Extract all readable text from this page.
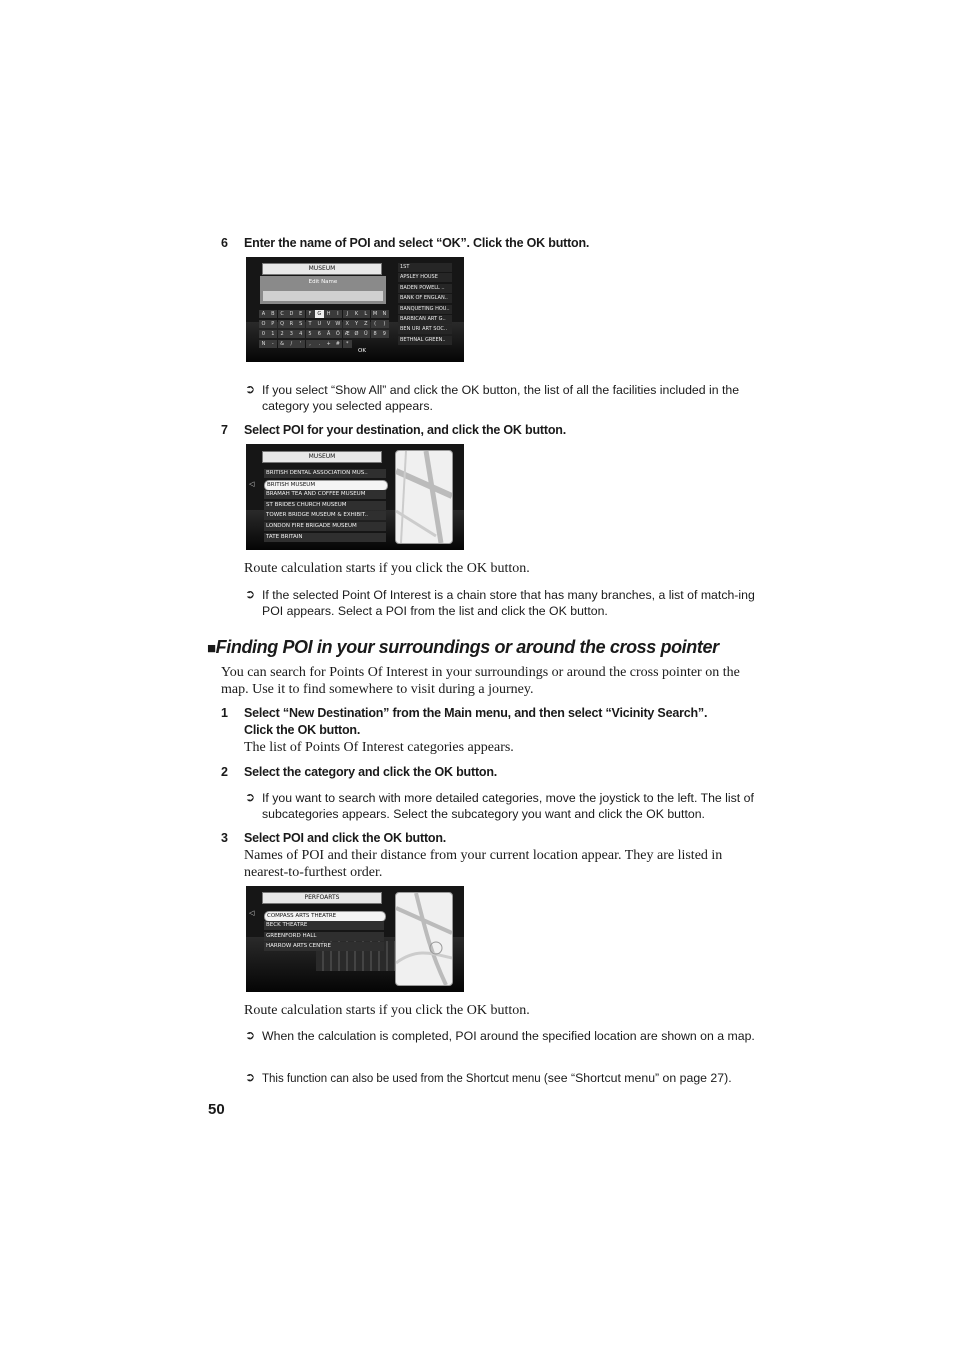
6 Enter the name of POI and select “OK”. Click the OK button.
MUSEUM
Edit Name
A	B	C	D	E	F	G	H	I	J	K	L	M	N
O	P	Q	R	S	T	U	V	W	X	Y	Z	(	)
0	1	2	3	4	5	6	Ä	Ö Æ Ø	Ü	8	9
N	-	&	/	'	,	.	+	#	*
OK
1ST
APSLEY HOUSE
BADEN POWELL ..
BANK OF ENGLAN..
BANQUETING HOU..
BARBICAN ART G..
BEN URI ART SOC..
BETHNAL GREEN..
➲ If you select “Show All” and click the OK button, the list of all the facilities included in the category you selected appears.
7 Select POI for your destination, and click the OK button.
MUSEUM
◁
BRITISH DENTAL ASSOCIATION MUS..
BRITISH MUSEUM
BRAMAH TEA AND COFFEE MUSEUM
ST BRIDES CHURCH MUSEUM
TOWER BRIDGE MUSEUM & EXHIBIT..
LONDON FIRE BRIGADE MUSEUM
TATE BRITAIN
Route calculation starts if you click the OK button.
➲ If the selected Point Of Interest is a chain store that has many branches, a list of match-ing POI appears. Select a POI from the list and click the OK button.
■Finding POI in your surroundings or around the cross pointer
You can search for Points Of Interest in your surroundings or around the cross pointer on the map. Use it to find somewhere to visit during a journey.
1 Select “New Destination” from the Main menu, and then select “Vicinity Search”.
Click the OK button.
The list of Points Of Interest categories appears.
2 Select the category and click the OK button.
➲ If you want to search with more detailed categories, move the joystick to the left. The list of subcategories appears. Select the subcategory you want and click the OK button.
3 Select POI and click the OK button.
Names of POI and their distance from your current location appear. They are listed in nearest-to-furthest order.
PERFOARTS
◁	COMPASS ARTS THEATRE
BECK THEATRE
GREENFORD HALL
HARROW ARTS CENTRE
Route calculation starts if you click the OK button.
➲ When the calculation is completed, POI around the specified location are shown on a map.
➲ This function can also be used from the Shortcut menu (see “Shortcut menu” on page 27).
50
